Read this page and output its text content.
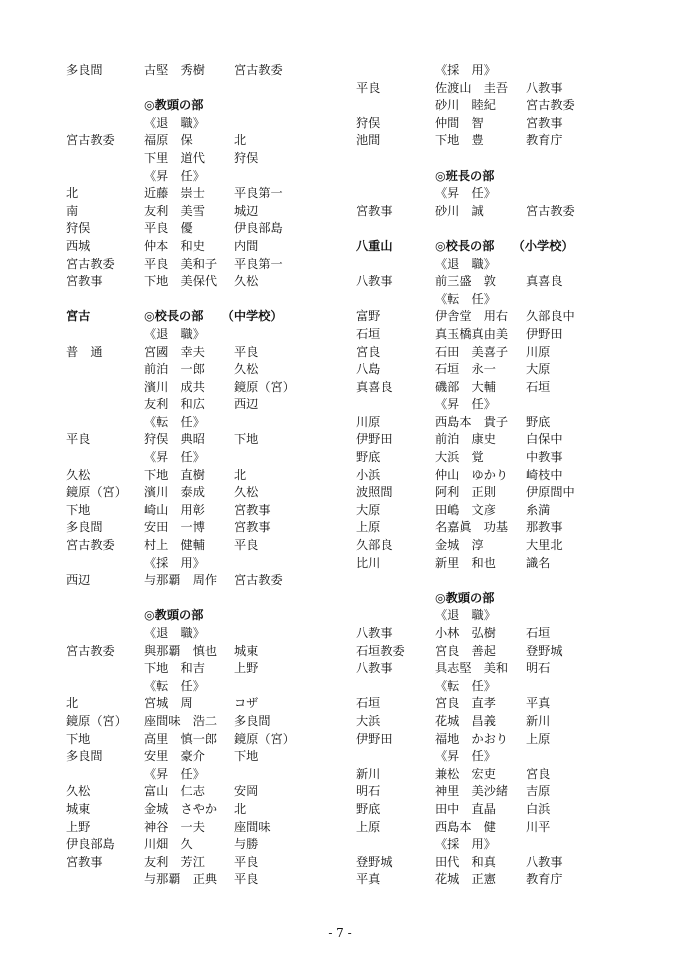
多良間	古堅　秀樹 宮古教委
◎教頭の部
《退　職》
宮古教委 福原　保	北
下里　道代 狩俣
《昇　任》
北	近藤　崇士 平良第一
南	友利　美雪 城辺
狩俣	平良　優	伊良部島
西城	仲本　和史 内間
宮古教委 平良　美和子 平良第一
宮教事	下地　美保代 久松
宮古	◎校長の部　　（中学校）
《退　職》
普　通	宮國　幸夫 平良
前泊　一郎 久松
濱川　成共 鏡原（宮）
友利　和広 西辺
《転　任》
平良	狩俣　典昭 下地
《昇　任》
久松	下地　直樹 北
鏡原（宮） 濱川　泰成 久松
下地	崎山　用彰 宮教事
多良間	安田　一博 宮教事
宮古教委 村上　健輔 平良
《採　用》
西辺	与那覇　周作 宮古教委
◎教頭の部
《退　職》
宮古教委 與那覇　慎也 城東
下地　和吉 上野
《転　任》
北	宮城　周	コザ
鏡原（宮） 座間味　浩二 多良間
下地	高里　慎一郎 鏡原（宮）
多良間	安里　豪介 下地
《昇　任》
久松	富山　仁志 安岡
城東	金城　さやか 北
上野	神谷　一夫 座間味
伊良部島 川畑　久	与勝
宮教事	友利　芳江 平良
与那覇　正典 平良
《採　用》
平良	佐渡山　圭吾 八教事
砂川　睦紀 宮古教委
狩俣	仲間　智	宮教事
池間	下地　豊	教育庁
◎班長の部
《昇　任》
宮教事	砂川　誠	宮古教委
八重山	◎校長の部　　（小学校）
《退　職》
八教事	前三盛　敦 真喜良
《転　任》
富野	伊舎堂　用右 久部良中
石垣	真玉橋真由美 伊野田
宮良	石田　美喜子 川原
八島	石垣　永一 大原
真喜良	磯部　大輔 石垣
《昇　任》
川原	西島本　貴子 野底
伊野田	前泊　康史 白保中
野底	大浜　覚	中教事
小浜	仲山　ゆかり 崎枝中
波照間	阿利　正則 伊原間中
大原	田嶋　文彦 糸満
上原	名嘉眞　功基 那教事
久部良	金城　淳	大里北
比川	新里　和也 識名
◎教頭の部
《退　職》
八教事	小林　弘樹 石垣
石垣教委 宮良　善起 登野城
八教事	具志堅　美和 明石
《転　任》
石垣	宮良　直孝 平真
大浜	花城　昌義 新川
伊野田	福地　かおり 上原
《昇　任》
新川	兼松　宏吏 宮良
明石	神里　美沙緒 吉原
野底	田中　直晶 白浜
上原	西島本　健 川平
《採　用》
登野城	田代　和真 八教事
平真	花城　正憲 教育庁
- 7 -
